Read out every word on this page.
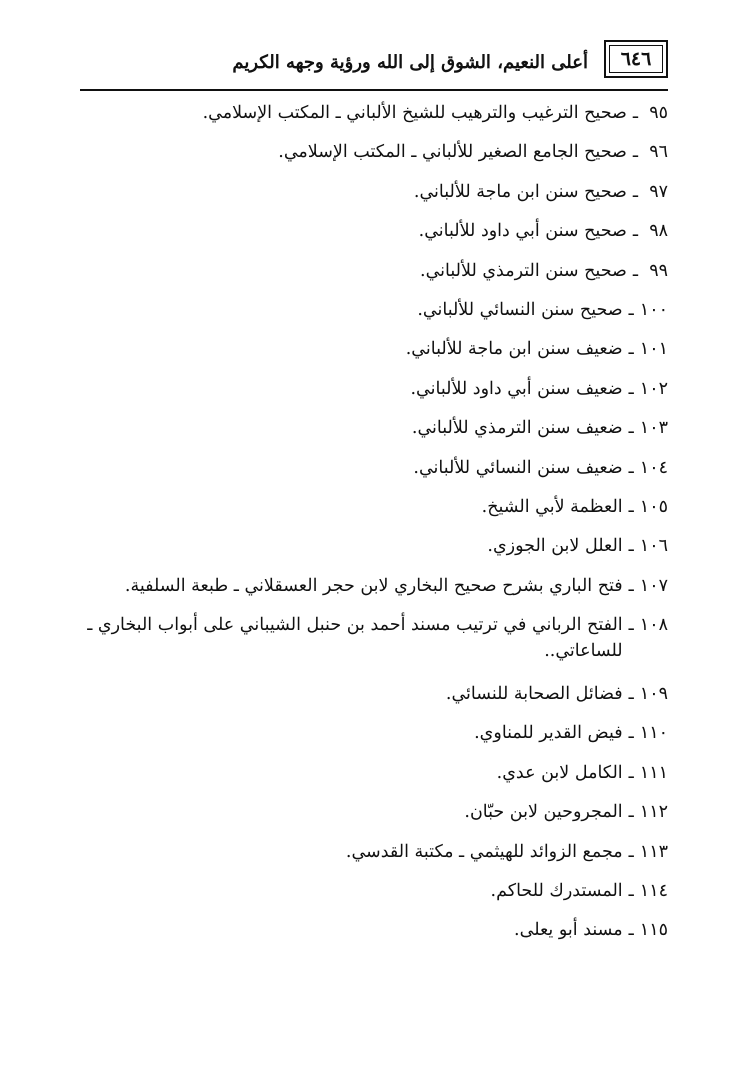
٦٤٦
أعلى النعيم، الشوق إلى الله ورؤية وجهه الكريم
٩٥
ـ
صحيح الترغيب والترهيب للشيخ الألباني ـ المكتب الإسلامي.
٩٦
ـ
صحيح الجامع الصغير للألباني ـ المكتب الإسلامي.
٩٧
ـ
صحيح سنن ابن ماجة للألباني.
٩٨
ـ
صحيح سنن أبي داود للألباني.
٩٩
ـ
صحيح سنن الترمذي للألباني.
١٠٠
ـ
صحيح سنن النسائي للألباني.
١٠١
ـ
ضعيف سنن ابن ماجة للألباني.
١٠٢
ـ
ضعيف سنن أبي داود للألباني.
١٠٣
ـ
ضعيف سنن الترمذي للألباني.
١٠٤
ـ
ضعيف سنن النسائي للألباني.
١٠٥
ـ
العظمة لأبي الشيخ.
١٠٦
ـ
العلل لابن الجوزي.
١٠٧
ـ
فتح الباري بشرح صحيح البخاري لابن حجر العسقلاني ـ طبعة السلفية.
١٠٨
ـ
الفتح الرباني في ترتيب مسند أحمد بن حنبل الشيباني على أبواب البخاري ـ للساعاتي..
١٠٩
ـ
فضائل الصحابة للنسائي.
١١٠
ـ
فيض القدير للمناوي.
١١١
ـ
الكامل لابن عدي.
١١٢
ـ
المجروحين لابن حبّان.
١١٣
ـ
مجمع الزوائد للهيثمي ـ مكتبة القدسي.
١١٤
ـ
المستدرك للحاكم.
١١٥
ـ
مسند أبو يعلى.
